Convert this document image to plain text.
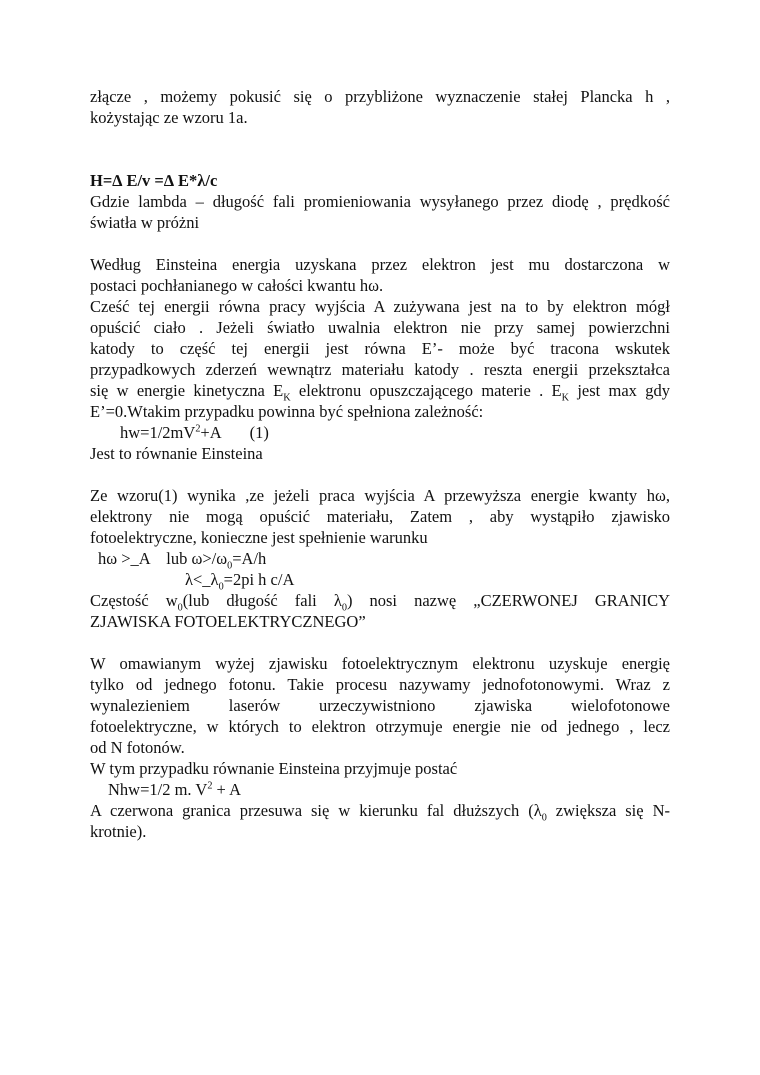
złącze , możemy pokusić się o przybliżone wyznaczenie stałej Plancka h ,

kożystając ze wzoru 1a.

H=∆ E/v =∆ E*λ/c

Gdzie lambda – długość fali promieniowania wysyłanego przez diodę , prędkość

światła w próżni

Według Einsteina energia uzyskana przez elektron jest mu dostarczona w

postaci pochłanianego w całości kwantu hω.

Cześć tej energii równa pracy wyjścia A zużywana jest na to by elektron mógł

opuścić ciało . Jeżeli światło uwalnia elektron nie przy samej powierzchni

katody to część tej energii jest równa E’- może być tracona wskutek

przypadkowych zderzeń wewnątrz materiału katody . reszta energii przekształca

się w energie kinetyczna $E_K$ elektronu opuszczającego materie . $E_K$ jest max gdy

E’=0.Wtakim przypadku powinna być spełniona zależność:

$hw=1/2mV^2+A$       (1)

Jest to równanie Einsteina

Ze wzoru(1) wynika ,ze jeżeli praca wyjścia A przewyższa energie kwanty hω,

elektrony nie mogą opuścić materiału, Zatem , aby wystąpiło zjawisko

fotoelektryczne, konieczne jest spełnienie warunku

hω >_A    lub $\omega>/\omega_0=A/h$

$\lambda<\_\lambda_0=2pi$ h c/A

Częstość $w_0(lub$ długość fali $\lambda_0$) nosi nazwę „CZERWONEJ GRANICY

ZJAWISKA FOTOELEKTRYCZNEGO”

W omawianym wyżej zjawisku fotoelektrycznym elektronu uzyskuje energię

tylko od jednego fotonu. Takie procesu nazywamy jednofotonowymi. Wraz z

wynalezieniem laserów urzeczywistniono zjawiska wielofotonowe

fotoelektryczne, w których to elektron otrzymuje energie nie od jednego , lecz

od N fotonów.

W tym przypadku równanie Einsteina przyjmuje postać

Nhw=1/2 m. $V^2 + A$

A czerwona granica przesuwa się w kierunku fal dłuższych ($\lambda_0$ zwiększa się N-

krotnie).
